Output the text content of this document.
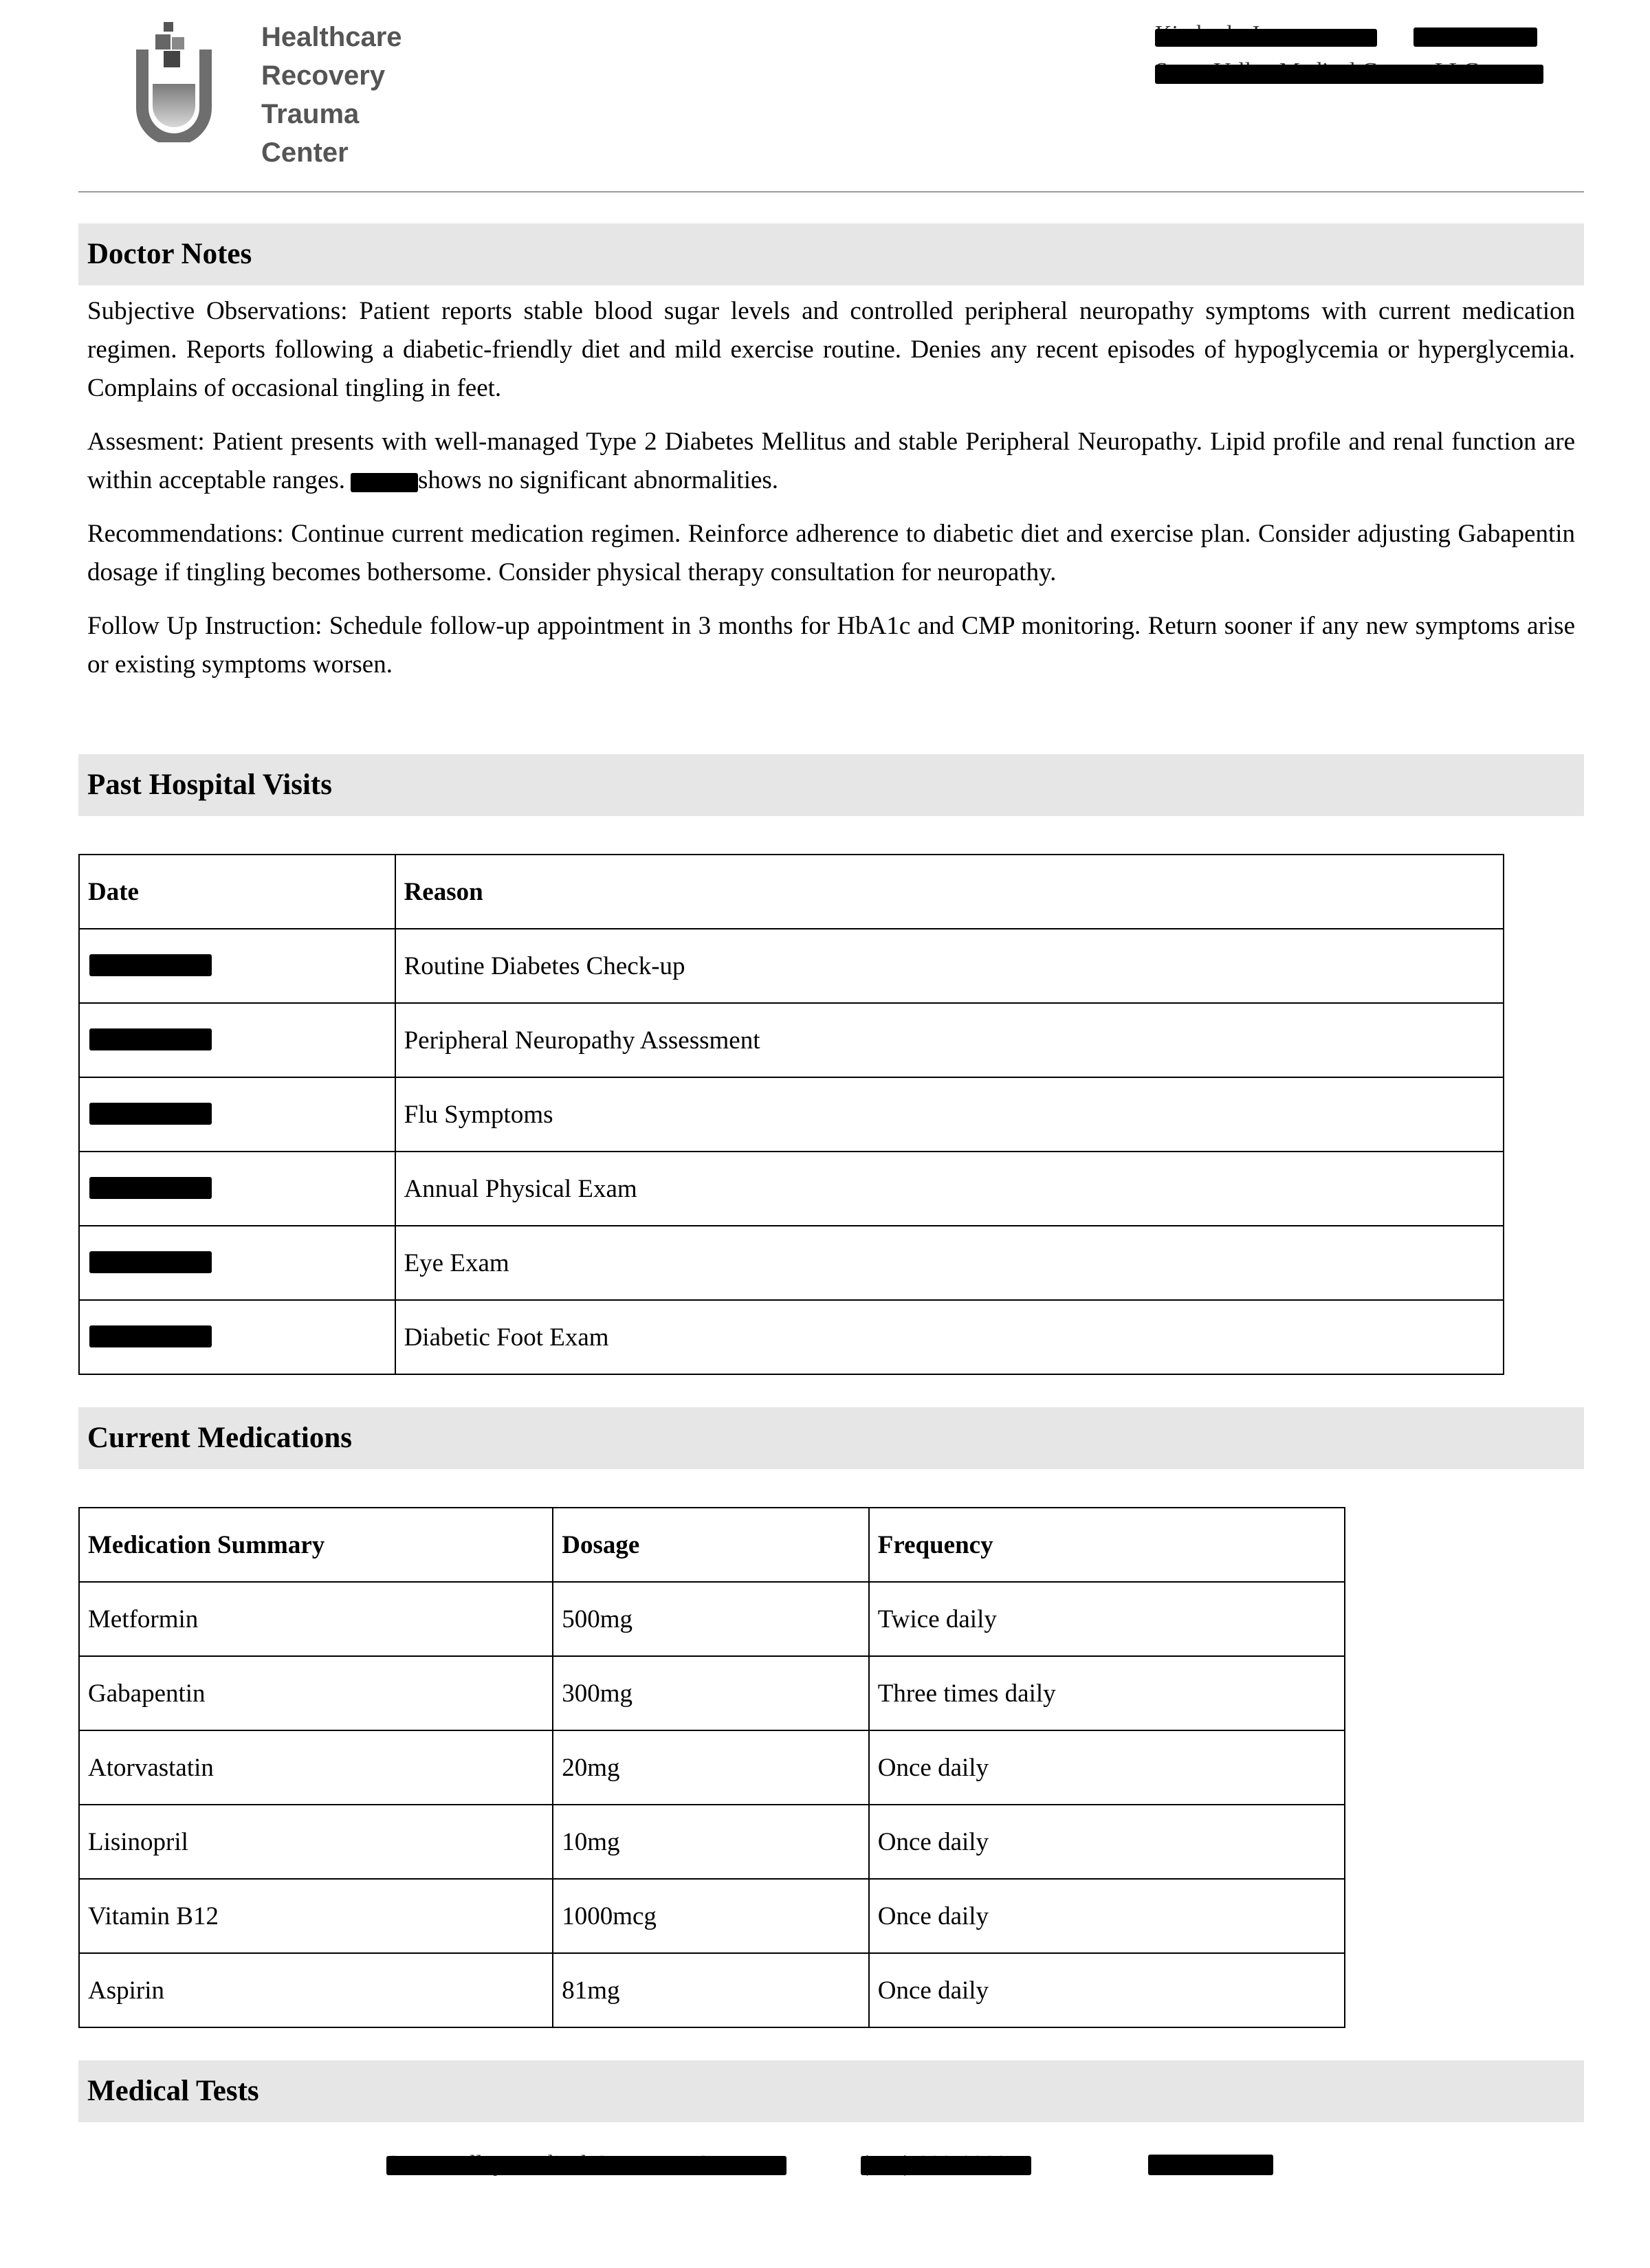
Healthcare
Recovery
Trauma
Center
Doctor Notes

Subjective Observations: Patient reports stable blood sugar levels and controlled peripheral neuropathy symptoms with current medication regimen. Reports following a diabetic-friendly diet and mild exercise routine. Denies any recent episodes of hypoglycemia or hyperglycemia. Complains of occasional tingling in feet.

Assesment: Patient presents with well-managed Type 2 Diabetes Mellitus and stable Peripheral Neuropathy. Lipid profile and renal function are within acceptable ranges.	shows no significant abnormalities.

Recommendations: Continue current medication regimen. Reinforce adherence to diabetic diet and exercise plan. Consider adjusting Gabapentin dosage if tingling becomes bothersome. Consider physical therapy consultation for neuropathy.

Follow Up Instruction: Schedule follow-up appointment in 3 months for HbA1c and CMP monitoring. Return sooner if any new symptoms arise or existing symptoms worsen.

Past Hospital Visits
Date	Reason

	Routine Diabetes Check-up

	Peripheral Neuropathy Assessment

	Flu Symptoms

	Annual Physical Exam

	Eye Exam

	Diabetic Foot Exam
Current Medications
Medication Summary	Dosage	Frequency
Metformin	500mg	Twice daily
Gabapentin	300mg	Three times daily
Atorvastatin	20mg	Once daily
Lisinopril	10mg	Once daily
Vitamin B12	1000mcg	Once daily
Aspirin	81mg	Once daily
Medical Tests
